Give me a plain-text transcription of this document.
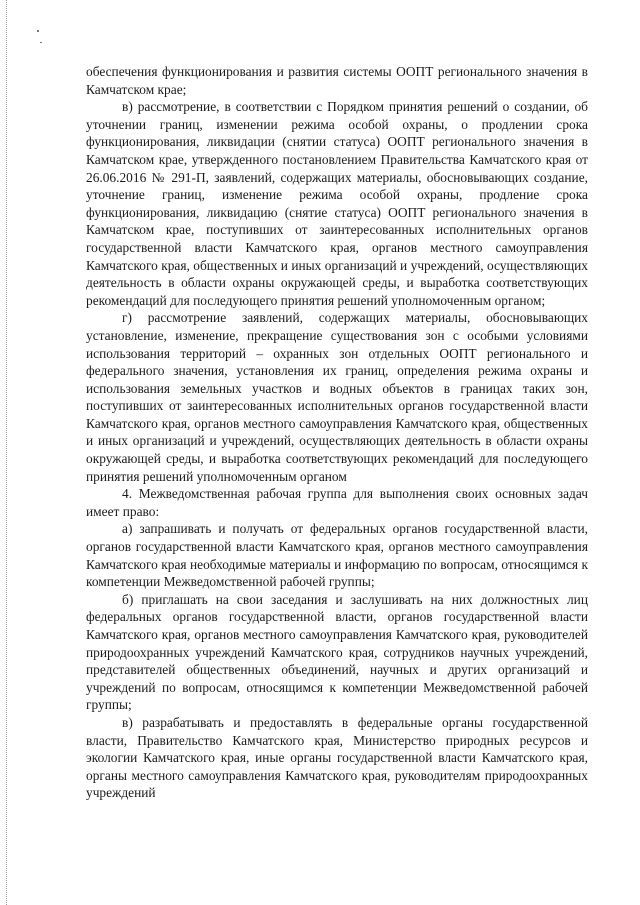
обеспечения функционирования и развития системы ООПТ регионального значения в Камчатском крае;

в) рассмотрение, в соответствии с Порядком принятия решений о создании, об уточнении границ, изменении режима особой охраны, о продлении срока функционирования, ликвидации (снятии статуса) ООПТ регионального значения в Камчатском крае, утвержденного постановлением Правительства Камчатского края от 26.06.2016 № 291-П, заявлений, содержащих материалы, обосновывающих создание, уточнение границ, изменение режима особой охраны, продление срока функционирования, ликвидацию (снятие статуса) ООПТ регионального значения в Камчатском крае, поступивших от заинтересованных исполнительных органов государственной власти Камчатского края, органов местного самоуправления Камчатского края, общественных и иных организаций и учреждений, осуществляющих деятельность в области охраны окружающей среды, и выработка соответствующих рекомендаций для последующего принятия решений уполномоченным органом;

г) рассмотрение заявлений, содержащих материалы, обосновывающих установление, изменение, прекращение существования зон с особыми условиями использования территорий – охранных зон отдельных ООПТ регионального и федерального значения, установления их границ, определения режима охраны и использования земельных участков и водных объектов в границах таких зон, поступивших от заинтересованных исполнительных органов государственной власти Камчатского края, органов местного самоуправления Камчатского края, общественных и иных организаций и учреждений, осуществляющих деятельность в области охраны окружающей среды, и выработка соответствующих рекомендаций для последующего принятия решений уполномоченным органом

4. Межведомственная рабочая группа для выполнения своих основных задач имеет право:

а) запрашивать и получать от федеральных органов государственной власти, органов государственной власти Камчатского края, органов местного самоуправления Камчатского края необходимые материалы и информацию по вопросам, относящимся к компетенции Межведомственной рабочей группы;

б) приглашать на свои заседания и заслушивать на них должностных лиц федеральных органов государственной власти, органов государственной власти Камчатского края, органов местного самоуправления Камчатского края, руководителей природоохранных учреждений Камчатского края, сотрудников научных учреждений, представителей общественных объединений, научных и других организаций и учреждений по вопросам, относящимся к компетенции Межведомственной рабочей группы;

в) разрабатывать и предоставлять в федеральные органы государственной власти, Правительство Камчатского края, Министерство природных ресурсов и экологии Камчатского края, иные органы государственной власти Камчатского края, органы местного самоуправления Камчатского края, руководителям природоохранных учреждений
